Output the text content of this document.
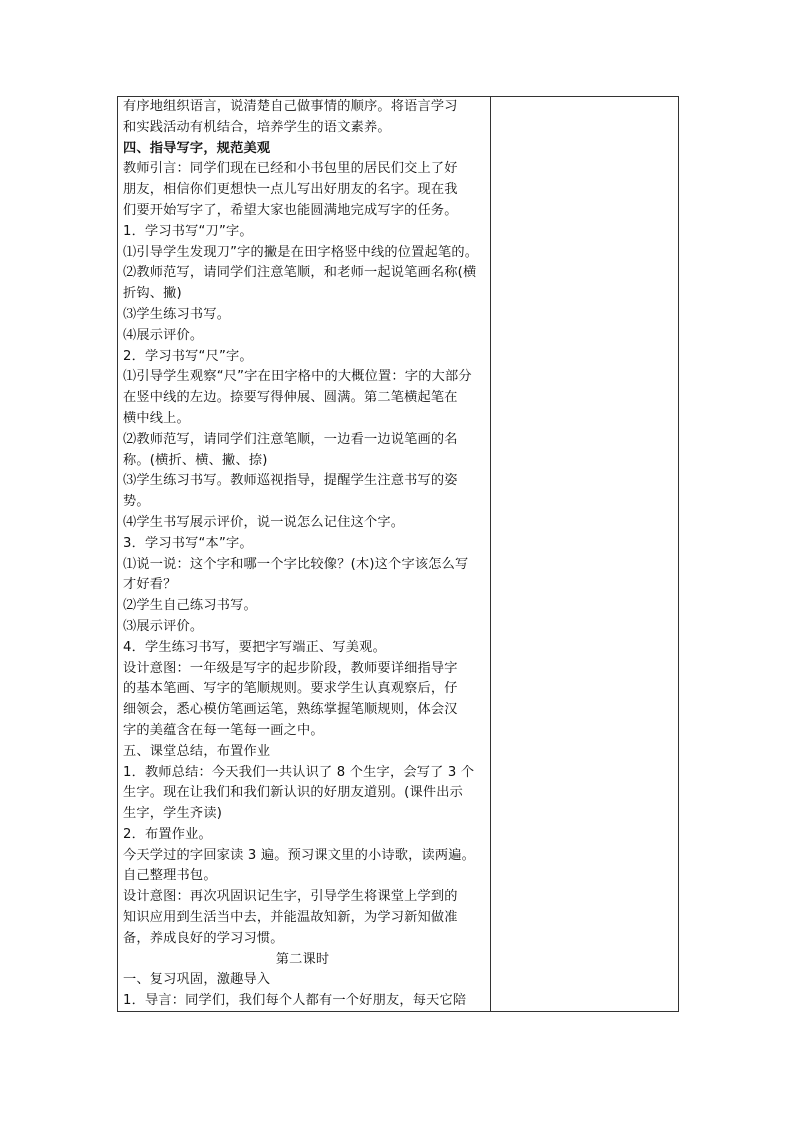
有序地组织语言，说清楚自己做事情的顺序。将语言学习
和实践活动有机结合，培养学生的语文素养。
四、指导写字，规范美观
教师引言：同学们现在已经和小书包里的居民们交上了好
朋友，相信你们更想快一点儿写出好朋友的名字。现在我
们要开始写字了，希望大家也能圆满地完成写字的任务。
1．学习书写“刀”字。
⑴引导学生发现刀”字的撇是在田字格竖中线的位置起笔的。
⑵教师范写，请同学们注意笔顺，和老师一起说笔画名称(横
折钩、撇)
⑶学生练习书写。
⑷展示评价。
2．学习书写“尺”字。
⑴引导学生观察“尺”字在田字格中的大概位置：字的大部分
在竖中线的左边。捺要写得伸展、圆满。第二笔横起笔在
横中线上。
⑵教师范写，请同学们注意笔顺，一边看一边说笔画的名
称。(横折、横、撇、捺)
⑶学生练习书写。教师巡视指导，提醒学生注意书写的姿
势。
⑷学生书写展示评价，说一说怎么记住这个字。
3．学习书写“本”字。
⑴说一说：这个字和哪一个字比较像？(木)这个字该怎么写
才好看？
⑵学生自己练习书写。
⑶展示评价。
4．学生练习书写，要把字写端正、写美观。
设计意图：一年级是写字的起步阶段，教师要详细指导字
的基本笔画、写字的笔顺规则。要求学生认真观察后，仔
细领会，悉心模仿笔画运笔，熟练掌握笔顺规则，体会汉
字的美蕴含在每一笔每一画之中。
五、课堂总结，布置作业
1．教师总结：今天我们一共认识了 8 个生字，会写了 3 个
生字。现在让我们和我们新认识的好朋友道别。(课件出示
生字，学生齐读)
2．布置作业。
今天学过的字回家读 3 遍。预习课文里的小诗歌，读两遍。
自己整理书包。
设计意图：再次巩固识记生字，引导学生将课堂上学到的
知识应用到生活当中去，并能温故知新，为学习新知做准
备，养成良好的学习习惯。
第二课时
一、复习巩固，激趣导入
1．导言：同学们，我们每个人都有一个好朋友，每天它陪
